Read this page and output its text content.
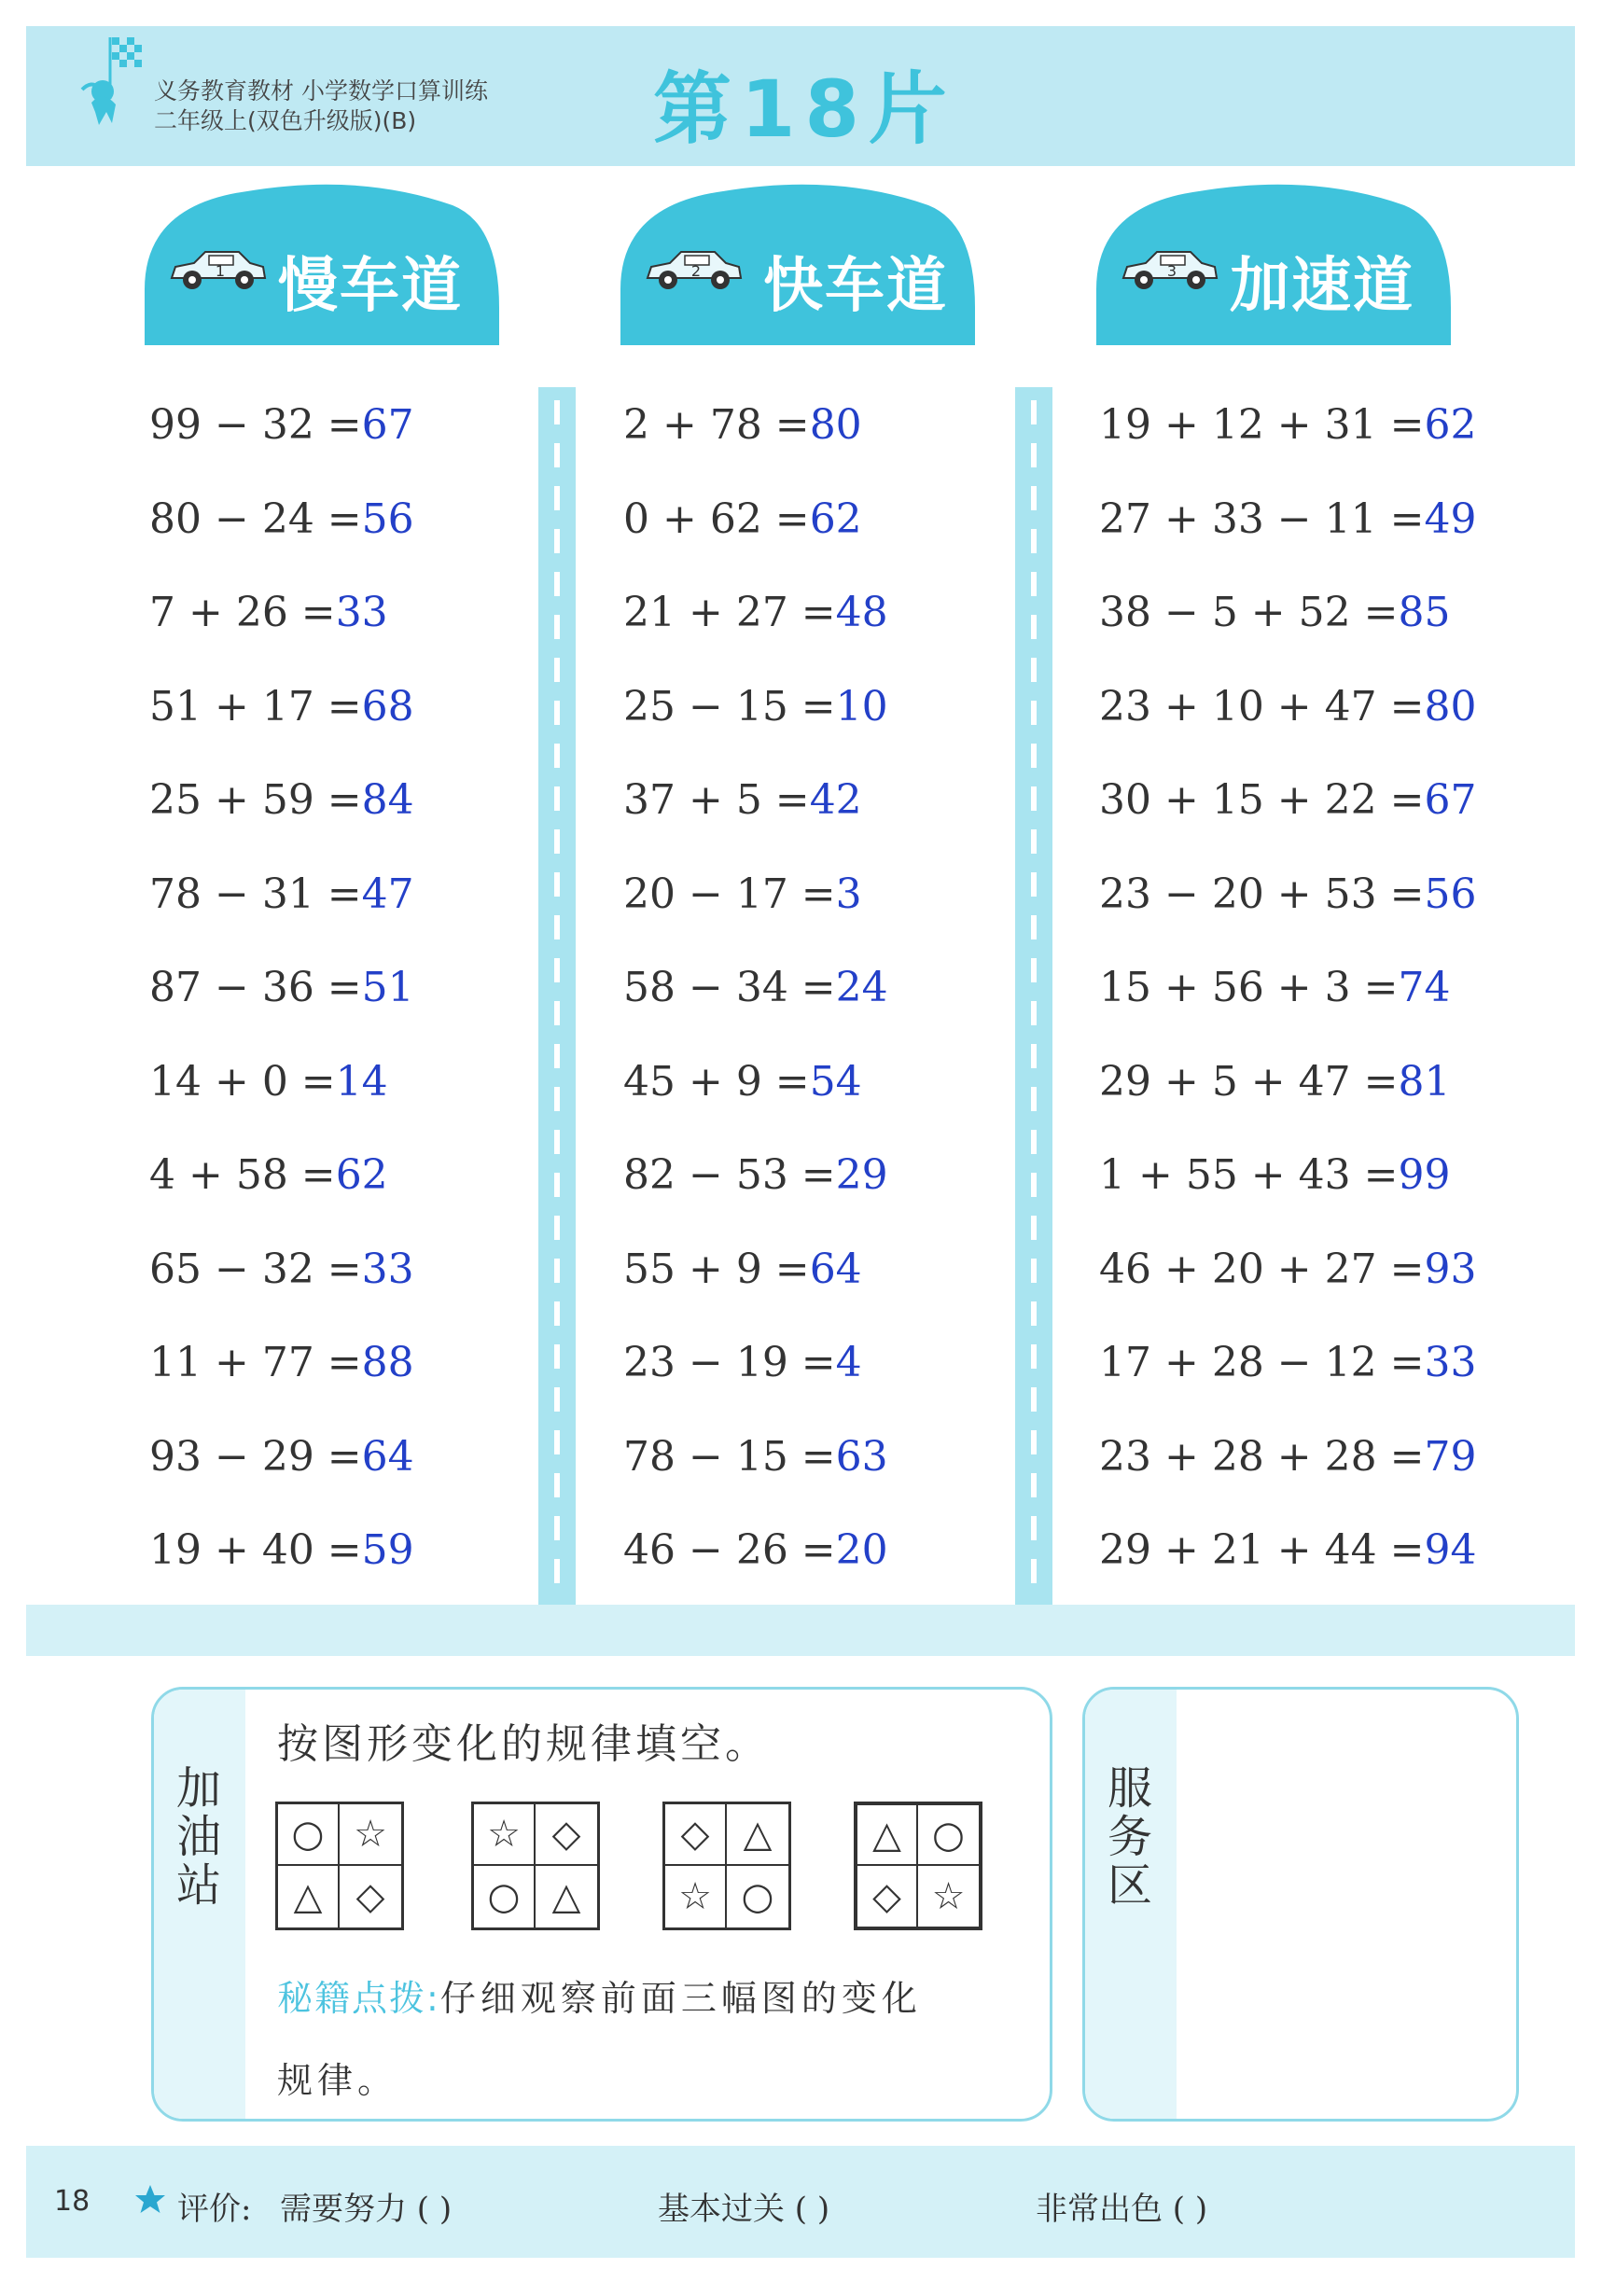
义务教育教材 小学数学口算训练
二年级上(双色升级版)(B)	第18片
1	2	3
慢车道	快车道	加速道
99 − 32 =67
80 − 24 =56
7 + 26 =33
51 + 17 =68
25 + 59 =84
78 − 31 =47
87 − 36 =51
14 + 0 =14
4 + 58 =62
65 − 32 =33
11 + 77 =88
93 − 29 =64
19 + 40 =59
2 + 78 =80
0 + 62 =62
21 + 27 =48
25 − 15 =10
37 + 5 =42
20 − 17 =3
58 − 34 =24
45 + 9 =54
82 − 53 =29
55 + 9 =64
23 − 19 =4
78 − 15 =63
46 − 26 =20
19 + 12 + 31 =62
27 + 33 − 11 =49
38 − 5 + 52 =85
23 + 10 + 47 =80
30 + 15 + 22 =67
23 − 20 + 53 =56
15 + 56 + 3 =74
29 + 5 + 47 =81
1 + 55 + 43 =99
46 + 20 + 27 =93
17 + 28 − 12 =33
23 + 28 + 28 =79
29 + 21 + 44 =94
加
油
站
按图形变化的规律填空。
○ ☆
△ ◇
☆ ◇
○ △
◇ △
☆ ○
△ ○
◇ ☆
秘籍点拨:仔细观察前面三幅图的变化
规律。
服
务
区
18	评价: 需要努力 ( )	基本过关 ( )	非常出色 ( )
